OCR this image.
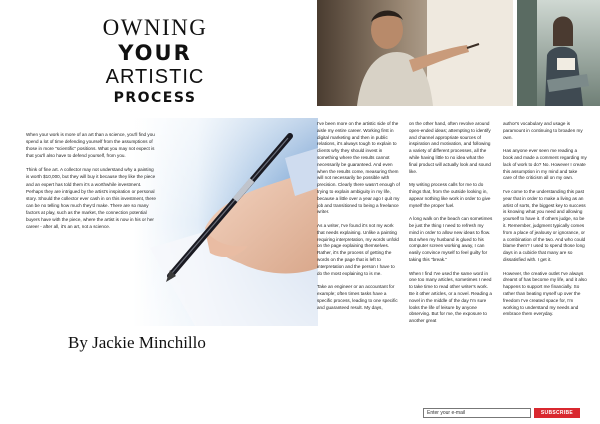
OWNING
YOUR
ARTISTIC
PROCESS

When your work is more of an art than a science, you'll find you spend a lot of time defending yourself from the assumptions of those in more "scientific" positions. What you may not expect is that you'll also have to defend yourself, from you.

Think of fine art. A collector may not understand why a painting is worth $10,000, but they will buy it because they like the piece and an expert has told them it's a worthwhile investment. Perhaps they are intrigued by the artist's inspiration or personal story. Should the collector ever cash in on this investment, there can be no telling how much they'd make. There are so many factors at play, such as the market, the connection potential buyers have with the piece, where the artist is now in his or her career - after all, it's an art, not a science.

By Jackie Minchillo

I've been more on the artistic side of the aisle my entire career. Working first in digital marketing and then in public relations, it's always tough to explain to clients why they should invest in something where the results cannot necessarily be guaranteed. And even when the results come, measuring them will not necessarily be possible with precision. Clearly there wasn't enough of trying to explain ambiguity in my life, because a little over a year ago I quit my job and transitioned to being a freelance writer.

As a writer, I've found it's not my work that needs explaining. Unlike a painting requiring interpretation, my words unfold on the page explaining themselves. Rather, it's the process of getting the words on the page that is left to interpretation and the person I have to do the most explaining to is me.

Take an engineer or an accountant for example; often times tasks have a specific process, leading to one specific and guaranteed result. My days,

on the other hand, often revolve around open-ended ideas; attempting to identify and channel appropriate sources of inspiration and motivation, and following a variety of different processes, all the while having little to no idea what the final product will actually look and sound like.

My writing process calls for me to do things that, from the outside looking in, appear nothing like work in order to give myself the proper fuel.

A long walk on the beach can sometimes be just the thing I need to refresh my mind in order to allow new ideas to flow. But when my husband is glued to his computer screen working away, I can easily convince myself to feel guilty for taking this "break."

When I find I've used the same word in one too many articles, sometimes I need to take time to read other writer's work. Be it other articles, or a novel. Reading a novel in the middle of the day I'm sure looks the life of leisure by anyone observing. But for me, the exposure to another great

author's vocabulary and usage is paramount in continuing to broaden my own.

Has anyone ever seen me reading a book and made a comment regarding my lack of work to do? No. However I create this assumption in my mind and take care of the criticism all on my own.

I've come to the understanding this past year that in order to make a living as an artist of sorts, the biggest key to success is knowing what you need and allowing yourself to have it. If others judge, so be it. Remember, judgment typically comes from a place of jealousy or ignorance, or a combination of the two. And who could blame them? I used to spend those long days in a cubicle that many are so dissatisfied with. I get it.

However, the creative outlet I've always dreamt of has become my life, and it also happens to support me financially. So rather than beating myself up over the freedom I've created space for, I'm working to understand my needs and embrace them everyday.

Enter your e-mail
SUBSCRIBE
